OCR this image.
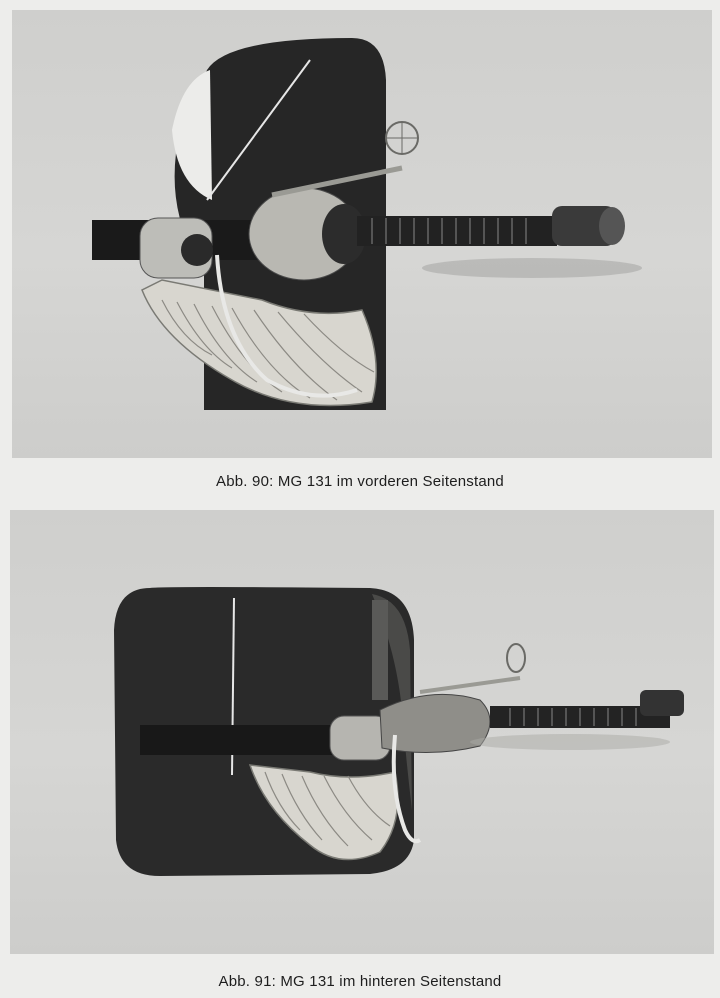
Abb. 90: MG 131 im vorderen Seitenstand
Abb. 91: MG 131 im hinteren Seitenstand
